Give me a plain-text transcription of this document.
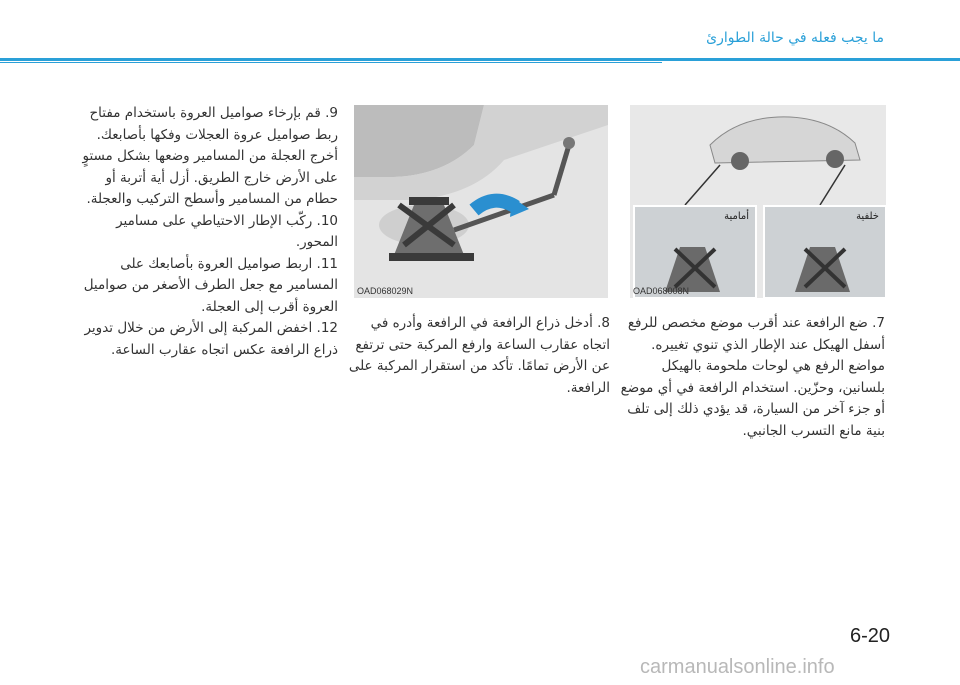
ما يجب فعله في حالة الطوارئ
OAD068029N
أمامية	خلفية
OAD068008N

7. ضع الرافعة عند أقرب موضع مخصص للرفع أسفل الهيكل عند الإطار الذي تنوي تغييره. مواضع الرفع هي لوحات ملحومة بالهيكل بلسانين، وحزّين. استخدام الرافعة في أي موضع أو جزء آخر من السيارة، قد يؤدي ذلك إلى تلف بنية مانع التسرب الجانبي.

8. أدخل ذراع الرافعة في الرافعة وأدره في اتجاه عقارب الساعة وارفع المركبة حتى ترتفع عن الأرض تمامًا. تأكد من استقرار المركبة على الرافعة.

9. قم بإرخاء صواميل العروة باستخدام مفتاح ربط صواميل عروة العجلات وفكها بأصابعك. أخرج العجلة من المسامير وضعها بشكل مستوٍ على الأرض خارج الطريق. أزل أية أتربة أو حطام من المسامير وأسطح التركيب والعجلة.

10. ركّب الإطار الاحتياطي على مسامير المحور.

11. اربط صواميل العروة بأصابعك على المسامير مع جعل الطرف الأصغر من صواميل العروة أقرب إلى العجلة.

12. اخفض المركبة إلى الأرض من خلال تدوير ذراع الرافعة عكس اتجاه عقارب الساعة.

6-20
carmanualsonline.info
